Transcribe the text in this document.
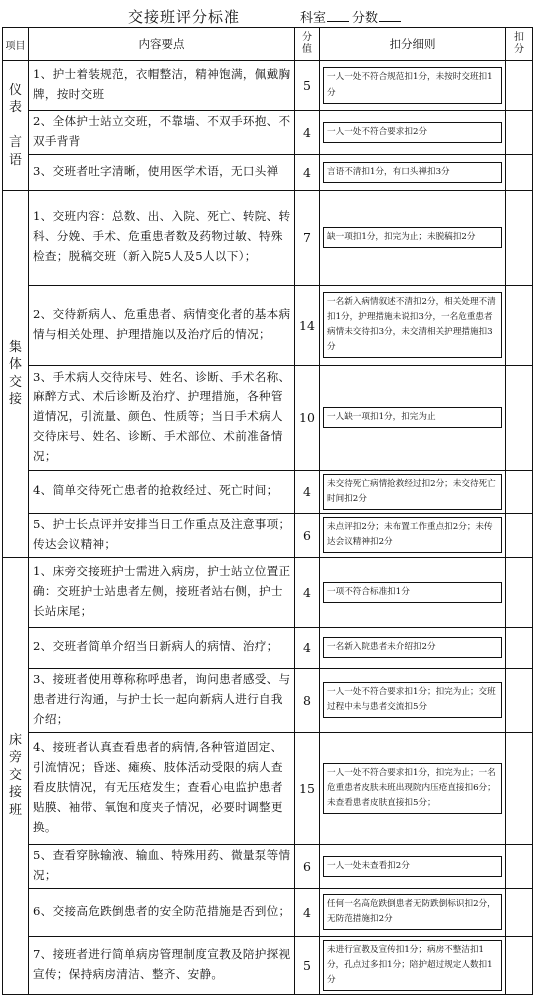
交接班评分标准	科室 分数
项目	内容要点	分值	扣分细则	扣分

仪
表

言
语	1、护士着装规范，衣帽整洁，精神饱满，佩戴胸牌，按时交班	5	一人一处不符合规范扣1分，未按时交班扣1分	

	2、全体护士站立交班，不靠墙、不双手环抱、不双手背背	4	一人一处不符合要求扣2分	

	3、交班者吐字清晰，使用医学术语，无口头禅	4	言语不清扣1分，有口头禅扣3分	

集
体
交
接	1、交班内容：总数、出、入院、死亡、转院、转科、分娩、手术、危重患者数及药物过敏、特殊检查；脱稿交班（新入院5人及5人以下）；	7	缺一项扣1分，扣完为止；未脱稿扣2分	

	2、交待新病人、危重患者、病情变化者的基本病情与相关处理、护理措施以及治疗后的情况；	14	一名新入病情叙述不清扣2分，相关处理不清扣1分，护理措施未说扣3分，一名危重患者病情未交待扣3分，未交清相关护理措施扣3分	

	3、手术病人交待床号、姓名、诊断、手术名称、麻醉方式、术后诊断及治疗、护理措施，各种管道情况，引流量、颜色、性质等；当日手术病人交待床号、姓名、诊断、手术部位、术前准备情况；	10	一人缺一项扣1分，扣完为止	

	4、简单交待死亡患者的抢救经过、死亡时间；	4	未交待死亡病情抢救经过扣2分；未交待死亡时间扣2分	

	5、护士长点评并安排当日工作重点及注意事项；传达会议精神；	6	未点评扣2分；未布置工作重点扣2分；未传达会议精神扣2分	

床
旁
交
接
班	1、床旁交接班护士需进入病房，护士站立位置正确：交班护士站患者左侧，接班者站右侧，护士长站床尾；	4	一项不符合标准扣1分	

	2、交班者简单介绍当日新病人的病情、治疗；	4	一名新入院患者未介绍扣2分	

	3、接班者使用尊称称呼患者，询问患者感受、与患者进行沟通，与护士长一起向新病人进行自我介绍；	8	一人一处不符合要求扣1分；扣完为止；交班过程中未与患者交流扣5分	

	4、接班者认真查看患者的病情,各种管道固定、引流情况；昏迷、瘫痪、肢体活动受限的病人查看皮肤情况，有无压疮发生；查看心电监护患者贴膜、袖带、氧饱和度夹子情况，必要时调整更换。	15	一人一处不符合要求扣1分，扣完为止；一名危重患者皮肤未班出现院内压疮直接扣6分；未查看患者皮肤直接扣5分；	

	5、查看穿脉输液、输血、特殊用药、微量泵等情况；	6	一人一处未查看扣2分	

	6、交接高危跌倒患者的安全防范措施是否到位；	4	任何一名高危跌倒患者无防跌倒标识扣2分，无防范措施扣2分	

	7、接班者进行简单病房管理制度宣教及陪护探视宣传；保持病房清洁、整齐、安静。	5	未进行宣教及宣传扣1分；病房不整洁扣1分，孔点过多扣1分；陪护超过规定人数扣1分	
